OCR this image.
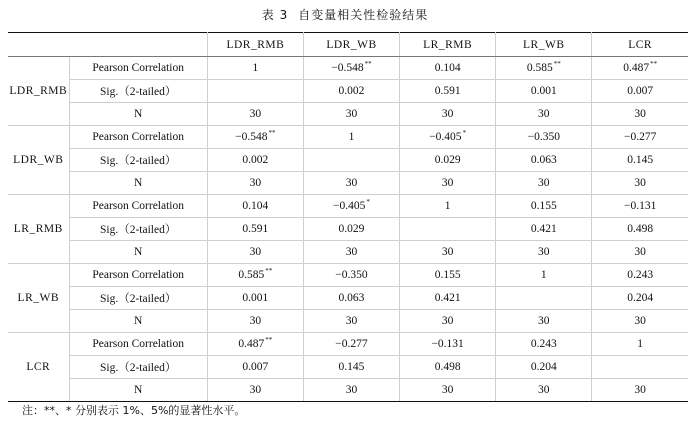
表 3 自变量相关性检验结果
		LDR_RMB	LDR_WB	LR_RMB	LR_WB	LCR
LDR_RMB	Pearson Correlation	1	−0.548**	0.104	0.585**	0.487**
	Sig.（2-tailed）		0.002	0.591	0.001	0.007
	N	30	30	30	30	30
LDR_WB	Pearson Correlation	−0.548**	1	−0.405*	−0.350	−0.277
	Sig.（2-tailed）	0.002		0.029	0.063	0.145
	N	30	30	30	30	30
LR_RMB	Pearson Correlation	0.104	−0.405*	1	0.155	−0.131
	Sig.（2-tailed）	0.591	0.029		0.421	0.498
	N	30	30	30	30	30
LR_WB	Pearson Correlation	0.585**	−0.350	0.155	1	0.243
	Sig.（2-tailed）	0.001	0.063	0.421		0.204
	N	30	30	30	30	30
LCR	Pearson Correlation	0.487**	−0.277	−0.131	0.243	1
	Sig.（2-tailed）	0.007	0.145	0.498	0.204	
	N	30	30	30	30	30
注：**、* 分别表示 1%、5%的显著性水平。
